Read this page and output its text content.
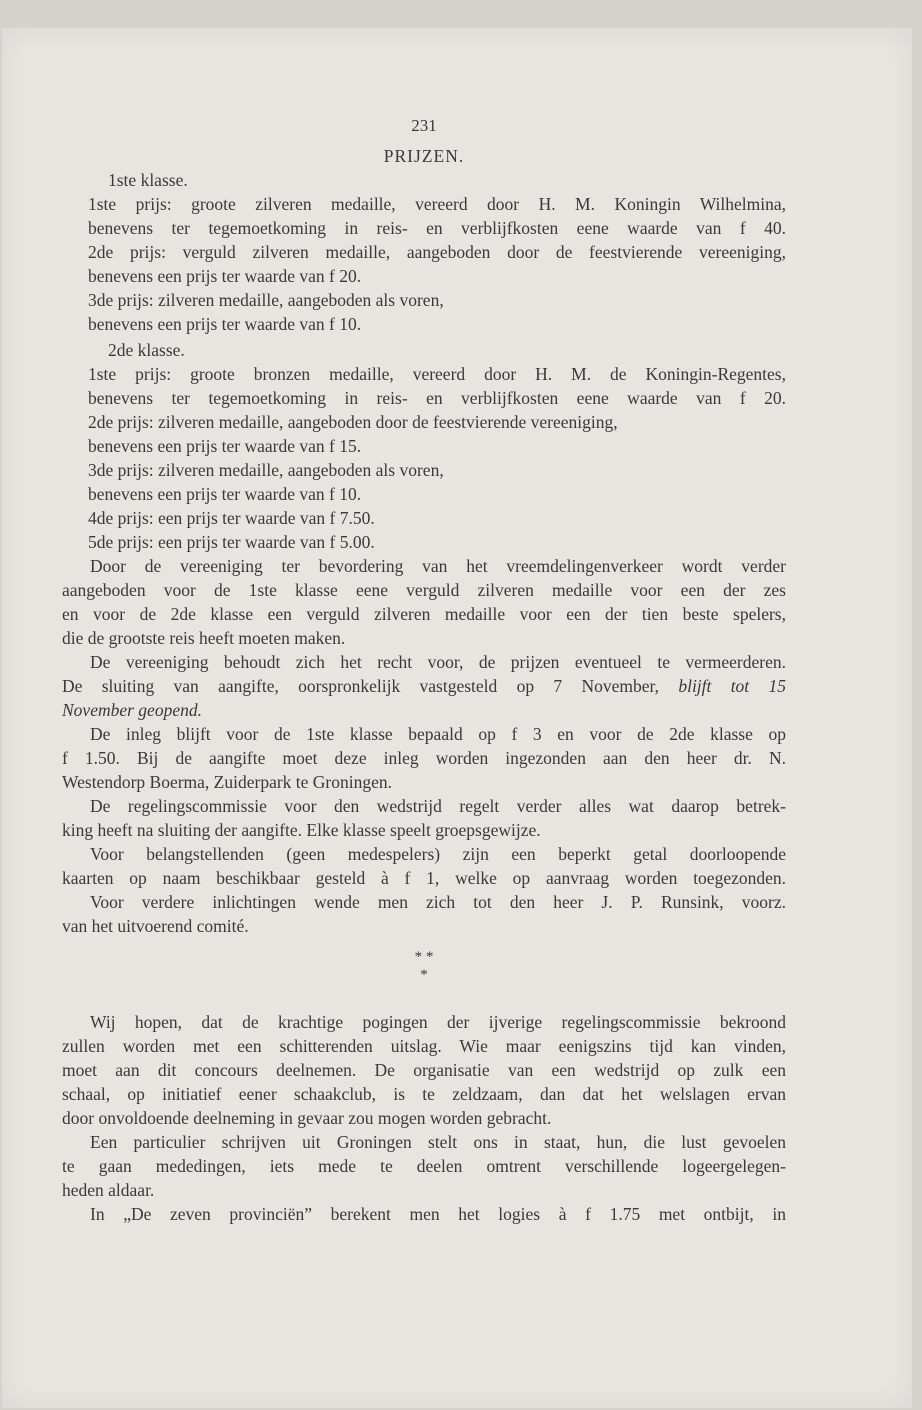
231
PRIJZEN.
1ste klasse.
1ste prijs: groote zilveren medaille, vereerd door H. M. Koningin Wilhelmina,
benevens ter tegemoetkoming in reis- en verblijfkosten eene waarde van f 40.
2de prijs: verguld zilveren medaille, aangeboden door de feestvierende vereeniging,
benevens een prijs ter waarde van f 20.
3de prijs: zilveren medaille, aangeboden als voren,
benevens een prijs ter waarde van f 10.
2de klasse.
1ste prijs: groote bronzen medaille, vereerd door H. M. de Koningin-Regentes,
benevens ter tegemoetkoming in reis- en verblijfkosten eene waarde van f 20.
2de prijs: zilveren medaille, aangeboden door de feestvierende vereeniging,
benevens een prijs ter waarde van f 15.
3de prijs: zilveren medaille, aangeboden als voren,
benevens een prijs ter waarde van f 10.
4de prijs: een prijs ter waarde van f 7.50.
5de prijs: een prijs ter waarde van f 5.00.
Door de vereeniging ter bevordering van het vreemdelingenverkeer wordt verder
aangeboden voor de 1ste klasse eene verguld zilveren medaille voor een der zes
en voor de 2de klasse een verguld zilveren medaille voor een der tien beste spelers,
die de grootste reis heeft moeten maken.
De vereeniging behoudt zich het recht voor, de prijzen eventueel te vermeerderen.
De sluiting van aangifte, oorspronkelijk vastgesteld op 7 November, blijft tot 15
November geopend.
De inleg blijft voor de 1ste klasse bepaald op f 3 en voor de 2de klasse op
f 1.50. Bij de aangifte moet deze inleg worden ingezonden aan den heer dr. N.
Westendorp Boerma, Zuiderpark te Groningen.
De regelingscommissie voor den wedstrijd regelt verder alles wat daarop betrek-
king heeft na sluiting der aangifte. Elke klasse speelt groepsgewijze.
Voor belangstellenden (geen medespelers) zijn een beperkt getal doorloopende
kaarten op naam beschikbaar gesteld à f 1, welke op aanvraag worden toegezonden.
Voor verdere inlichtingen wende men zich tot den heer J. P. Runsink, voorz.
van het uitvoerend comité.
* *
*
Wij hopen, dat de krachtige pogingen der ijverige regelingscommissie bekroond
zullen worden met een schitterenden uitslag. Wie maar eenigszins tijd kan vinden,
moet aan dit concours deelnemen. De organisatie van een wedstrijd op zulk een
schaal, op initiatief eener schaakclub, is te zeldzaam, dan dat het welslagen ervan
door onvoldoende deelneming in gevaar zou mogen worden gebracht.
Een particulier schrijven uit Groningen stelt ons in staat, hun, die lust gevoelen
te gaan mededingen, iets mede te deelen omtrent verschillende logeergelegen-
heden aldaar.
In „De zeven provinciën” berekent men het logies à f 1.75 met ontbijt, in
